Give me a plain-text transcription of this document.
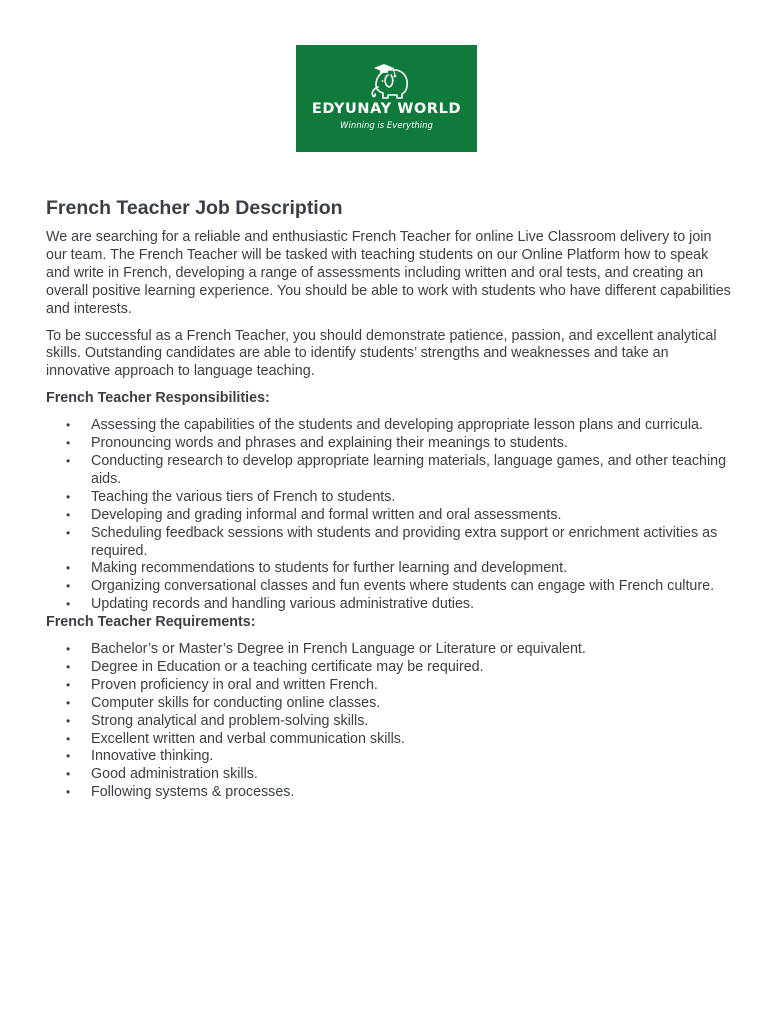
EDYUNAY WORLD
Winning is Everything
French Teacher Job Description

We are searching for a reliable and enthusiastic French Teacher for online Live Classroom delivery to join our team. The French Teacher will be tasked with teaching students on our Online Platform how to speak and write in French, developing a range of assessments including written and oral tests, and creating an overall positive learning experience. You should be able to work with students who have different capabilities and interests.

To be successful as a French Teacher, you should demonstrate patience, passion, and excellent analytical skills. Outstanding candidates are able to identify students’ strengths and weaknesses and take an innovative approach to language teaching.

French Teacher Responsibilities:
• Assessing the capabilities of the students and developing appropriate lesson plans and curricula.
• Pronouncing words and phrases and explaining their meanings to students.
• Conducting research to develop appropriate learning materials, language games, and other teaching aids.
• Teaching the various tiers of French to students.
• Developing and grading informal and formal written and oral assessments.
• Scheduling feedback sessions with students and providing extra support or enrichment activities as required.
• Making recommendations to students for further learning and development.
• Organizing conversational classes and fun events where students can engage with French culture.
• Updating records and handling various administrative duties.
French Teacher Requirements:
• Bachelor’s or Master’s Degree in French Language or Literature or equivalent.
• Degree in Education or a teaching certificate may be required.
• Proven proficiency in oral and written French.
• Computer skills for conducting online classes.
• Strong analytical and problem-solving skills.
• Excellent written and verbal communication skills.
• Innovative thinking.
• Good administration skills.
• Following systems & processes.
